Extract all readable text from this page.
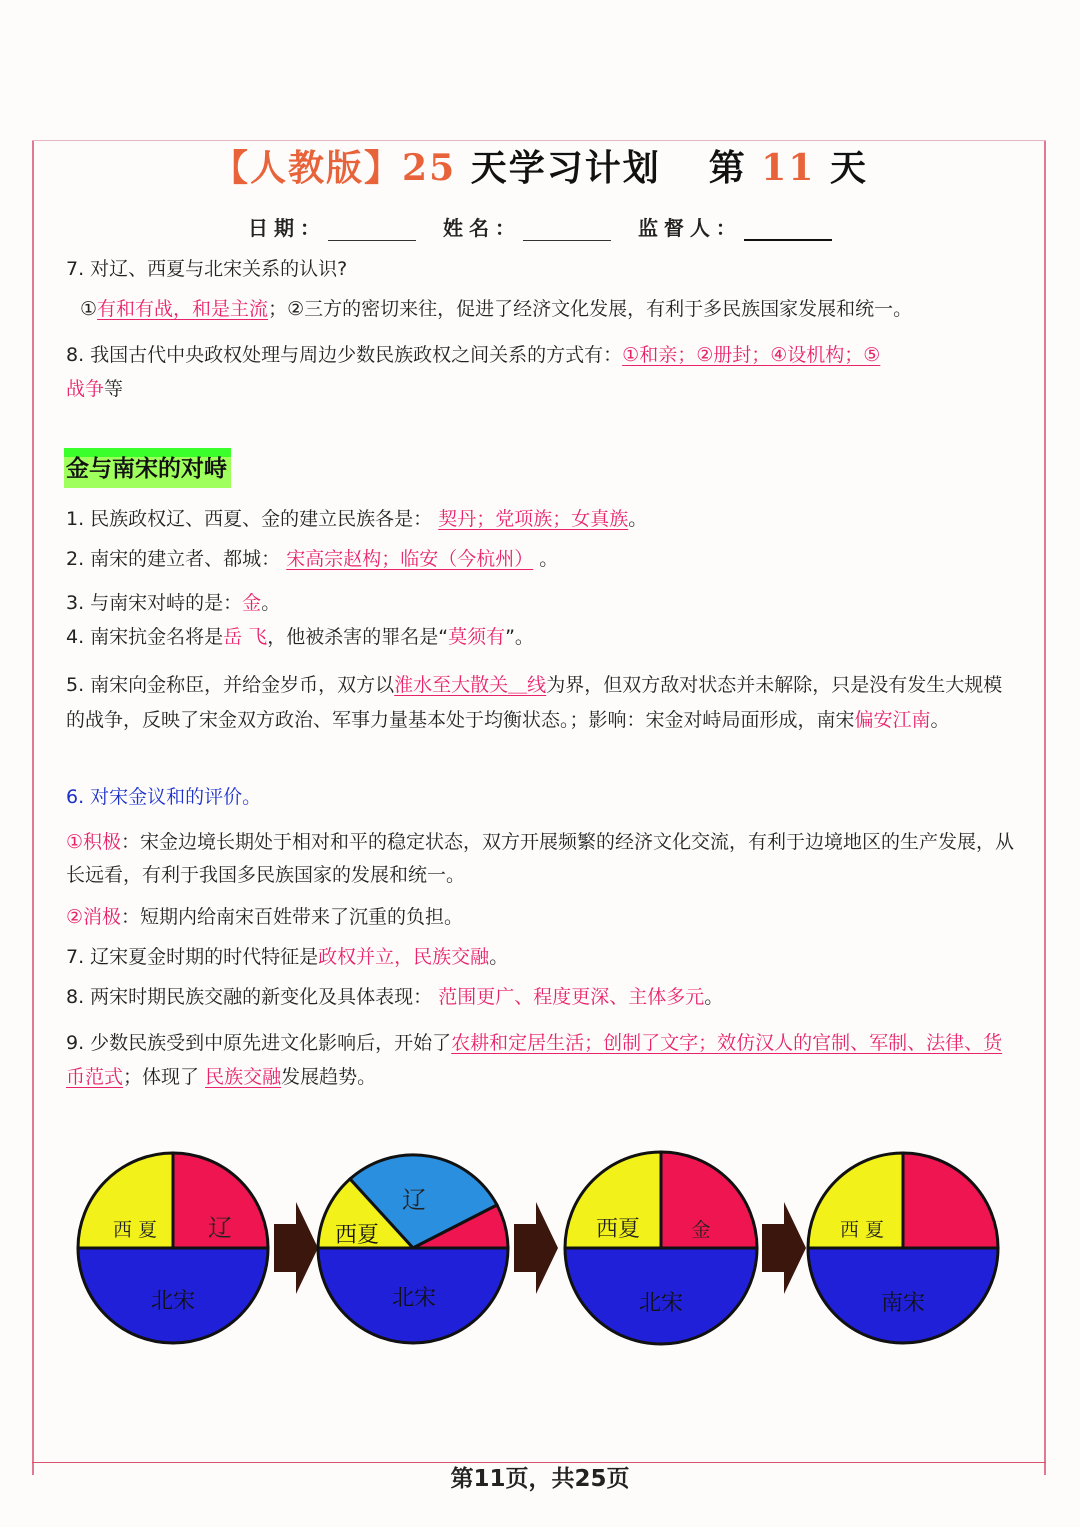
【人教版】25 天学习计划 第 11 天
日期：	姓名：	监督人：
7. 对辽、西夏与北宋关系的认识?
①有和有战，和是主流；②三方的密切来往，促进了经济文化发展，有利于多民族国家发展和统一。
8. 我国古代中央政权处理与周边少数民族政权之间关系的方式有：①和亲；②册封；④设机构；⑤
战争等
金与南宋的对峙
1. 民族政权辽、西夏、金的建立民族各是： 契丹；党项族；女真族。
2. 南宋的建立者、都城： 宋高宗赵构；临安（今杭州） 。
3. 与南宋对峙的是：金。
4. 南宋抗金名将是岳 飞，他被杀害的罪名是“莫须有”。
5. 南宋向金称臣，并给金岁币，双方以淮水至大散关＿线为界，但双方敌对状态并未解除，只是没有发生大规模的战争，反映了宋金双方政治、军事力量基本处于均衡状态。；影响：宋金对峙局面形成，南宋偏安江南。
6. 对宋金议和的评价。
①积极：宋金边境长期处于相对和平的稳定状态，双方开展频繁的经济文化交流，有利于边境地区的生产发展，从长远看，有利于我国多民族国家的发展和统一。
②消极：短期内给南宋百姓带来了沉重的负担。
7. 辽宋夏金时期的时代特征是政权并立，民族交融。
8. 两宋时期民族交融的新变化及具体表现： 范围更广、程度更深、主体多元。
9. 少数民族受到中原先进文化影响后，开始了农耕和定居生活；创制了文字；效仿汉人的官制、军制、法律、货币范式；体现了 民族交融发展趋势。
西 夏 辽
北宋
辽
西夏
北宋
西夏	金
北宋
西 夏
南宋
第11页，共25页
